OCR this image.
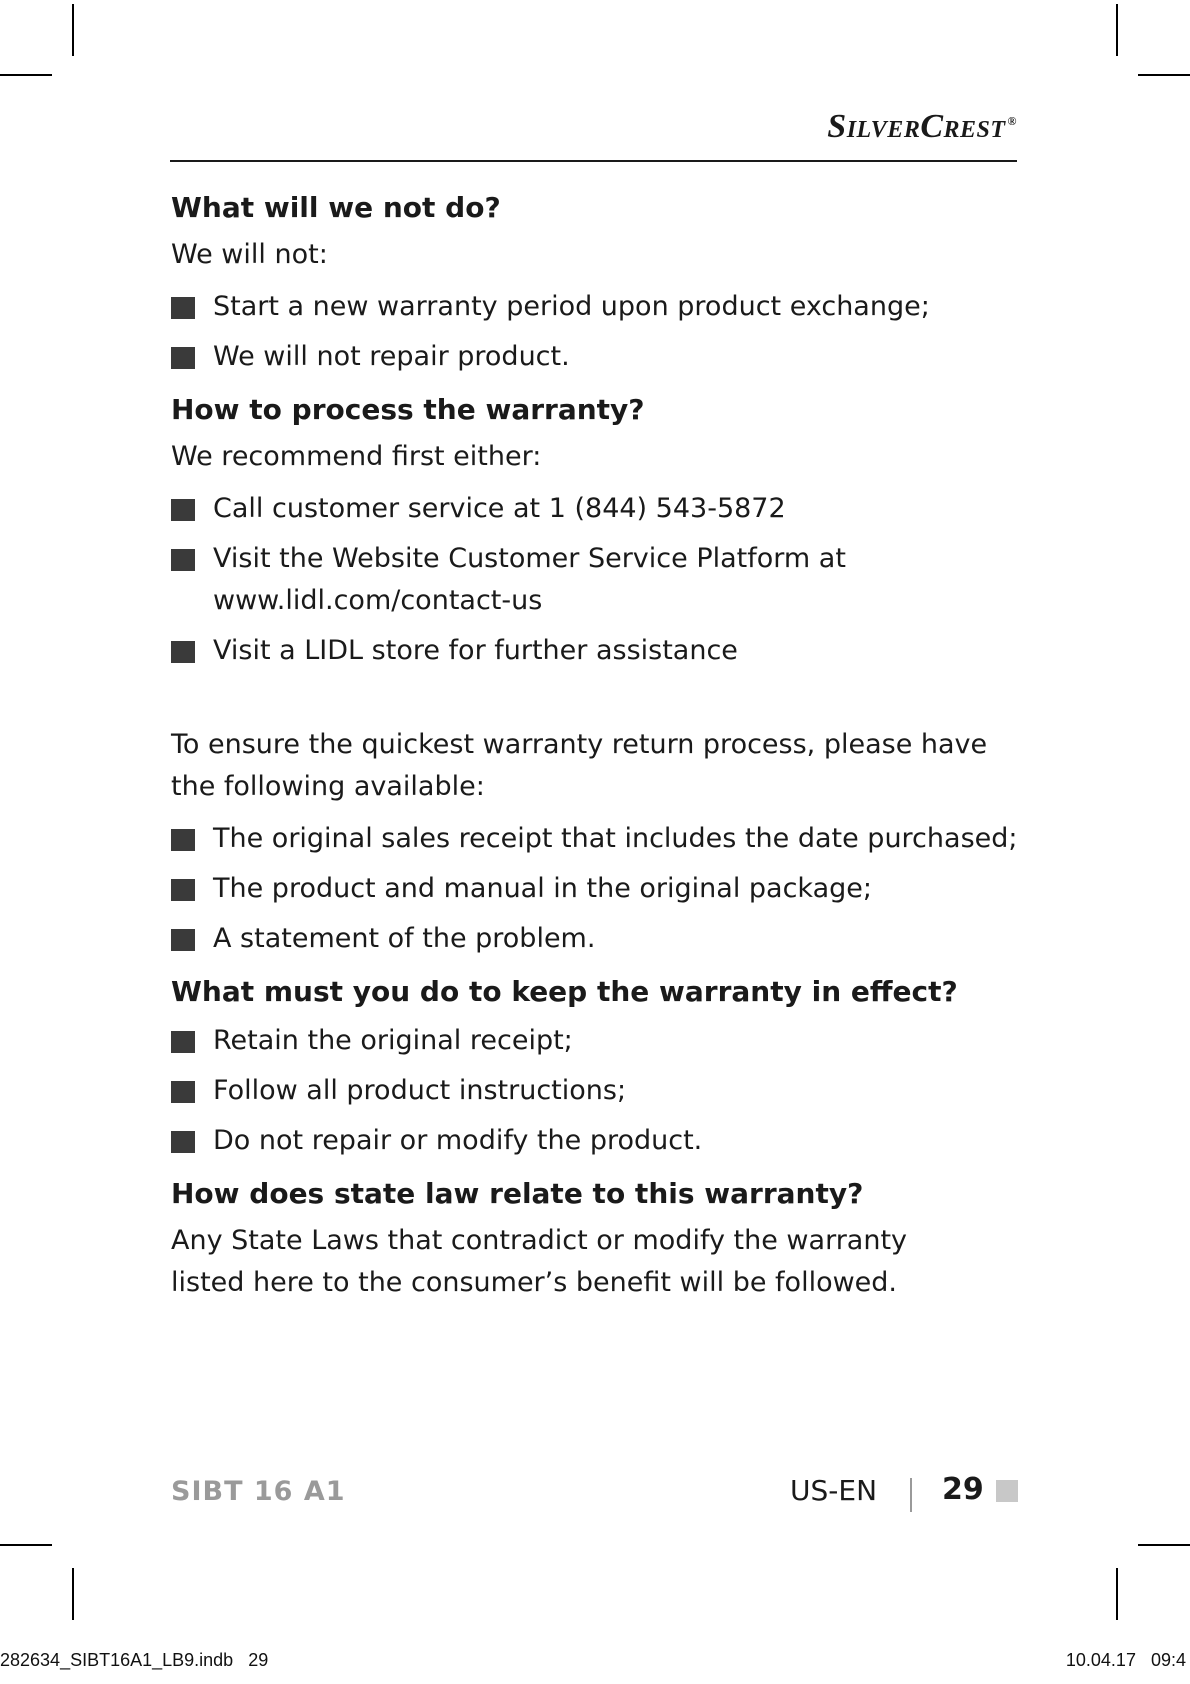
SilverCrest ®
What will we not do?

We will not:

Start a new warranty period upon product exchange;
We will not repair product.
How to process the warranty?

We recommend first either:

Call customer service at 1 (844) 543-5872
Visit the Website Customer Service Platform at www.lidl.com/contact-us
Visit a LIDL store for further assistance

To ensure the quickest warranty return process, please have the following available:

The original sales receipt that includes the date purchased;
The product and manual in the original package;
A statement of the problem.
What must you do to keep the warranty in effect?
Retain the original receipt;
Follow all product instructions;
Do not repair or modify the product.
How does state law relate to this warranty?

Any State Laws that contradict or modify the warranty listed here to the consumer’s benefit will be followed.

SIBT 16 A1	US-EN 29
282634_SIBT16A1_LB9.indb   29	10.04.17   09:4
